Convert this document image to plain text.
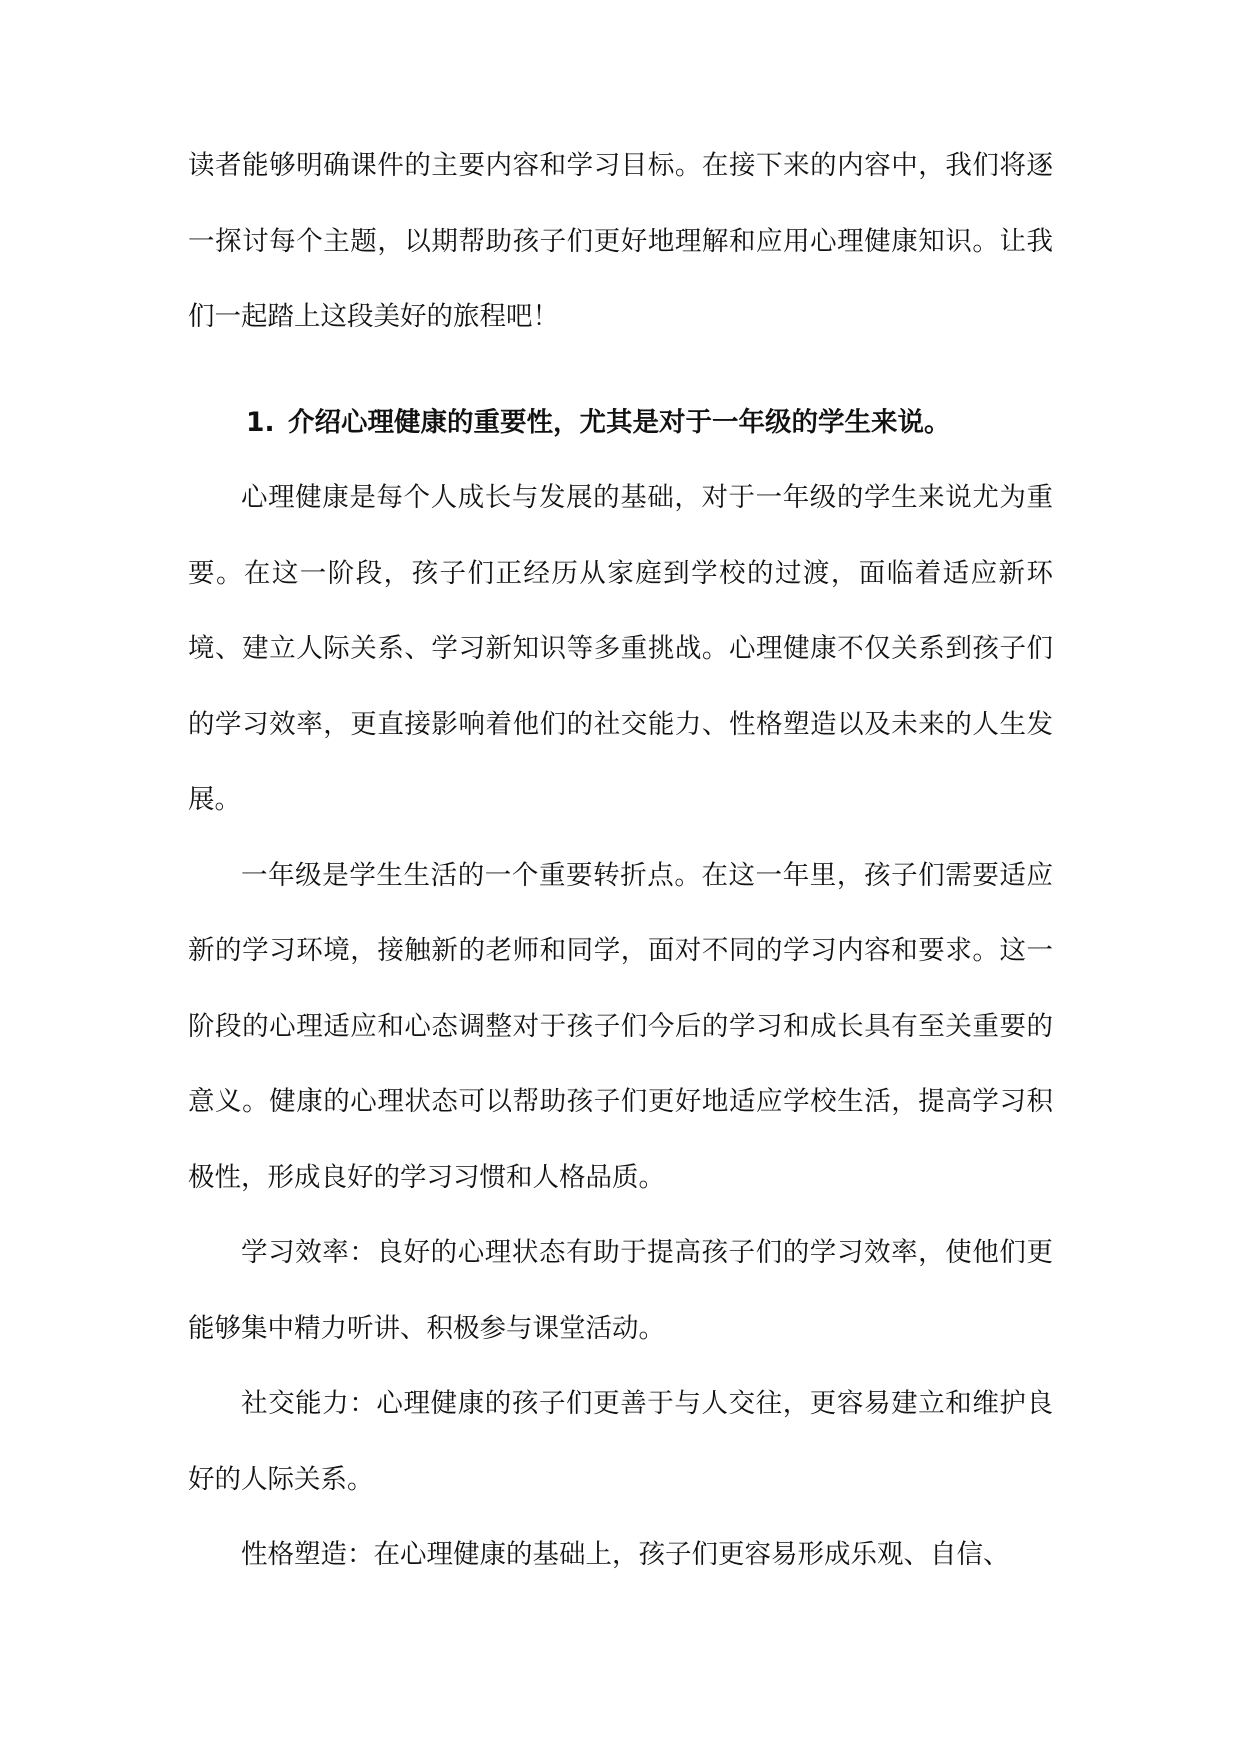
读者能够明确课件的主要内容和学习目标。在接下来的内容中，我们将逐一探讨每个主题，以期帮助孩子们更好地理解和应用心理健康知识。让我们一起踏上这段美好的旅程吧！

1. 介绍心理健康的重要性，尤其是对于一年级的学生来说。

心理健康是每个人成长与发展的基础，对于一年级的学生来说尤为重要。在这一阶段，孩子们正经历从家庭到学校的过渡，面临着适应新环境、建立人际关系、学习新知识等多重挑战。心理健康不仅关系到孩子们的学习效率，更直接影响着他们的社交能力、性格塑造以及未来的人生发展。

一年级是学生生活的一个重要转折点。在这一年里，孩子们需要适应新的学习环境，接触新的老师和同学，面对不同的学习内容和要求。这一阶段的心理适应和心态调整对于孩子们今后的学习和成长具有至关重要的意义。健康的心理状态可以帮助孩子们更好地适应学校生活，提高学习积极性，形成良好的学习习惯和人格品质。

学习效率：良好的心理状态有助于提高孩子们的学习效率，使他们更能够集中精力听讲、积极参与课堂活动。

社交能力：心理健康的孩子们更善于与人交往，更容易建立和维护良好的人际关系。

性格塑造：在心理健康的基础上，孩子们更容易形成乐观、自信、
